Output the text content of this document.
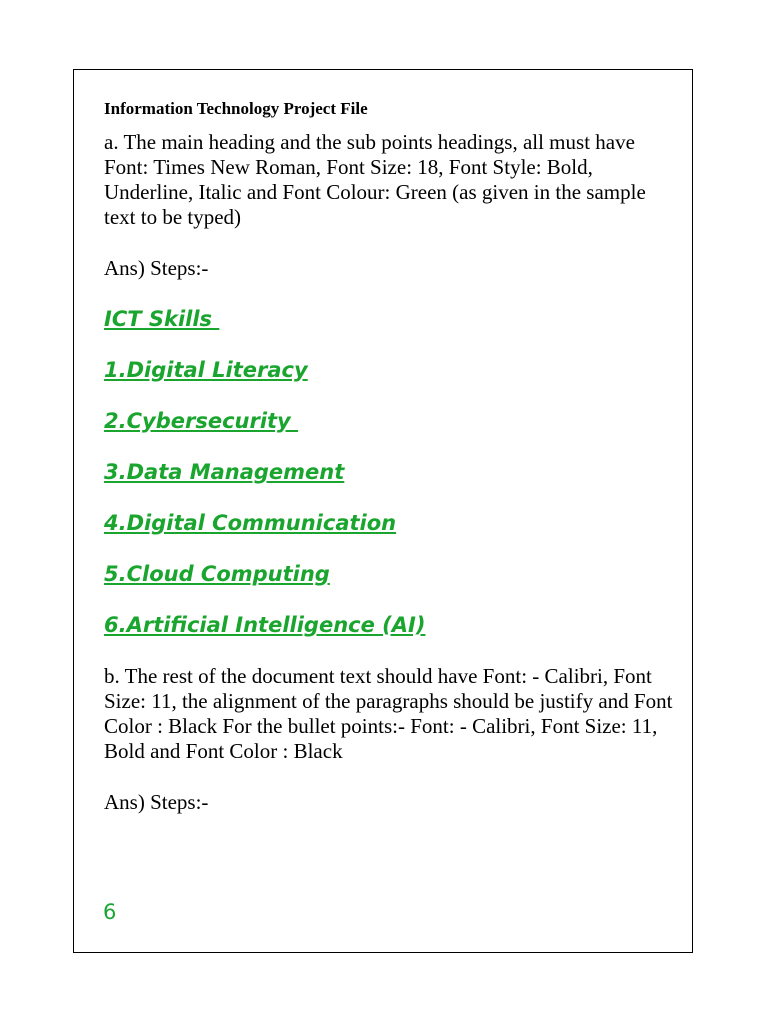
Information Technology Project File

a. The main heading and the sub points headings, all must have Font: Times New Roman, Font Size: 18, Font Style: Bold, Underline, Italic and Font Colour: Green (as given in the sample text to be typed)

Ans) Steps:-

ICT Skills
1.Digital Literacy
2.Cybersecurity
3.Data Management
4.Digital Communication
5.Cloud Computing
6.Artificial Intelligence (AI)

b. The rest of the document text should have Font: - Calibri, Font Size: 11, the alignment of the paragraphs should be justify and Font Color : Black For the bullet points:- Font: - Calibri, Font Size: 11, Bold and Font Color : Black

Ans) Steps:-

6
